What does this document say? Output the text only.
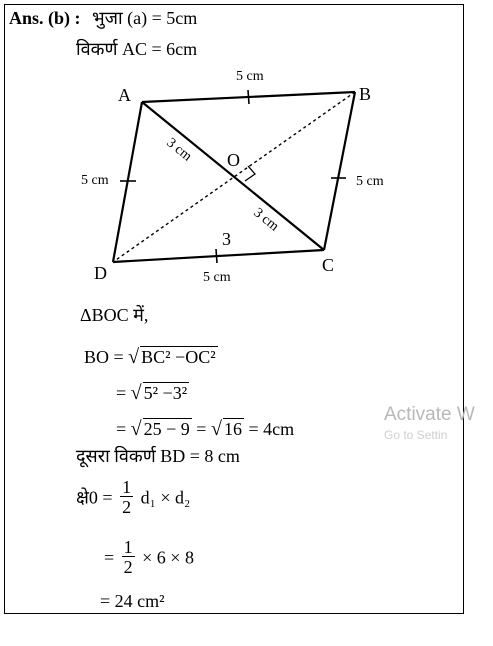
Ans. (b) : भुजा (a) = 5cm
विकर्ण AC = 6cm
A	B
C
D
O
5 cm
5 cm	5 cm
5 cm
3 cm
3 cm
3
ΔBOC में,
BO = √ BC² −OC²
= √ 5² −3²
= √ 25 − 9 = √ 16 = 4cm
दूसरा विकर्ण BD = 8 cm
क्षे0 = $\frac{1}{2} d_1 \times d_2$
= $\frac{1}{2} \times 6 \times 8$
= 24 cm²
Activate W
Go to Settin
